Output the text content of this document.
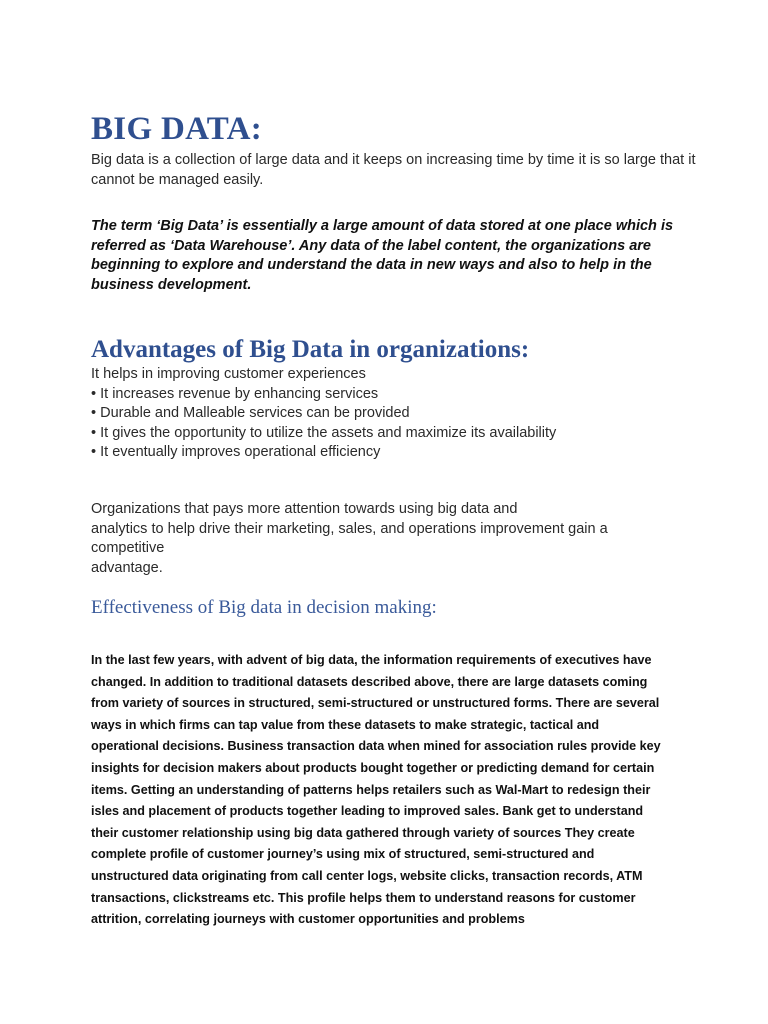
BIG DATA:

Big data is a collection of large data and it keeps on increasing time by time it is so large that it cannot be managed easily.

The term ‘Big Data’ is essentially a large amount of data stored at one place which is referred as ‘Data Warehouse’. Any data of the label content, the organizations are beginning to explore and understand the data in new ways and also to help in the business development.

Advantages of Big Data in organizations:
It helps in improving customer experiences
• It increases revenue by enhancing services
• Durable and Malleable services can be provided
• It gives the opportunity to utilize the assets and maximize its availability
• It eventually improves operational efficiency
Organizations that pays more attention towards using big data and
analytics to help drive their marketing, sales, and operations improvement gain a
competitive
advantage.
Effectiveness of Big data in decision making:
In the last few years, with advent of big data, the information requirements of executives have
changed. In addition to traditional datasets described above, there are large datasets coming
from variety of sources in structured, semi-structured or unstructured forms. There are several
ways in which firms can tap value from these datasets to make strategic, tactical and
operational decisions. Business transaction data when mined for association rules provide key
insights for decision makers about products bought together or predicting demand for certain
items. Getting an understanding of patterns helps retailers such as Wal-Mart to redesign their
isles and placement of products together leading to improved sales. Bank get to understand
their customer relationship using big data gathered through variety of sources They create
complete profile of customer journey’s using mix of structured, semi-structured and
unstructured data originating from call center logs, website clicks, transaction records, ATM
transactions, clickstreams etc. This profile helps them to understand reasons for customer
attrition, correlating journeys with customer opportunities and problems
